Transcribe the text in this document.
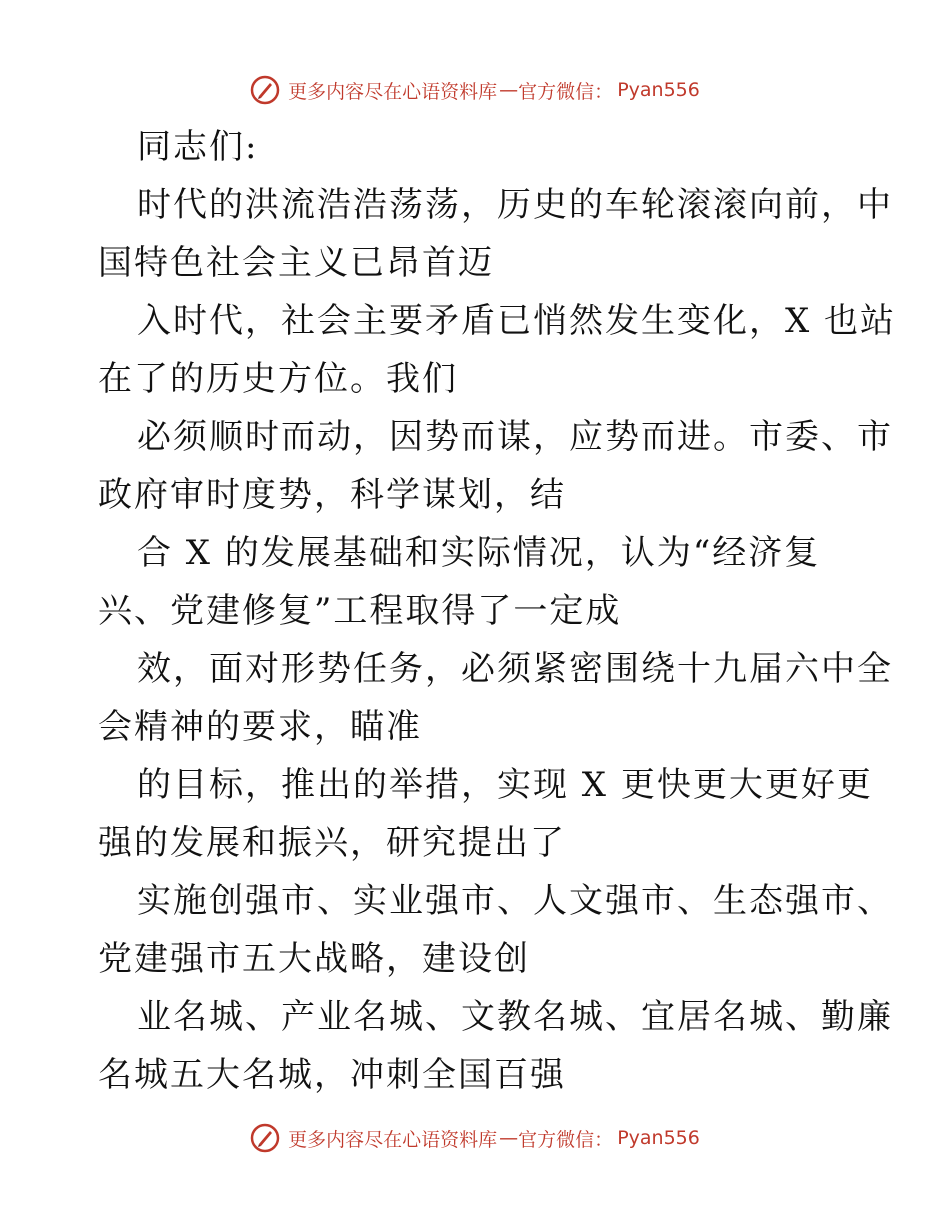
更多内容尽在心语资料库 — 官方微信： Pyan556
同志们:
时代的洪流浩浩荡荡，历史的车轮滚滚向前，中
国特色社会主义已昂首迈
入时代，社会主要矛盾已悄然发生变化，X 也站
在了的历史方位。我们
必须顺时而动，因势而谋，应势而进。市委、市
政府审时度势，科学谋划，结
合 X 的发展基础和实际情况，认为“经济复
兴、党建修复”工程取得了一定成
效，面对形势任务，必须紧密围绕十九届六中全
会精神的要求，瞄准
的目标，推出的举措，实现 X 更快更大更好更
强的发展和振兴，研究提出了
实施创强市、实业强市、人文强市、生态强市、
党建强市五大战略，建设创
业名城、产业名城、文教名城、宜居名城、勤廉
名城五大名城，冲刺全国百强
更多内容尽在心语资料库 — 官方微信： Pyan556
